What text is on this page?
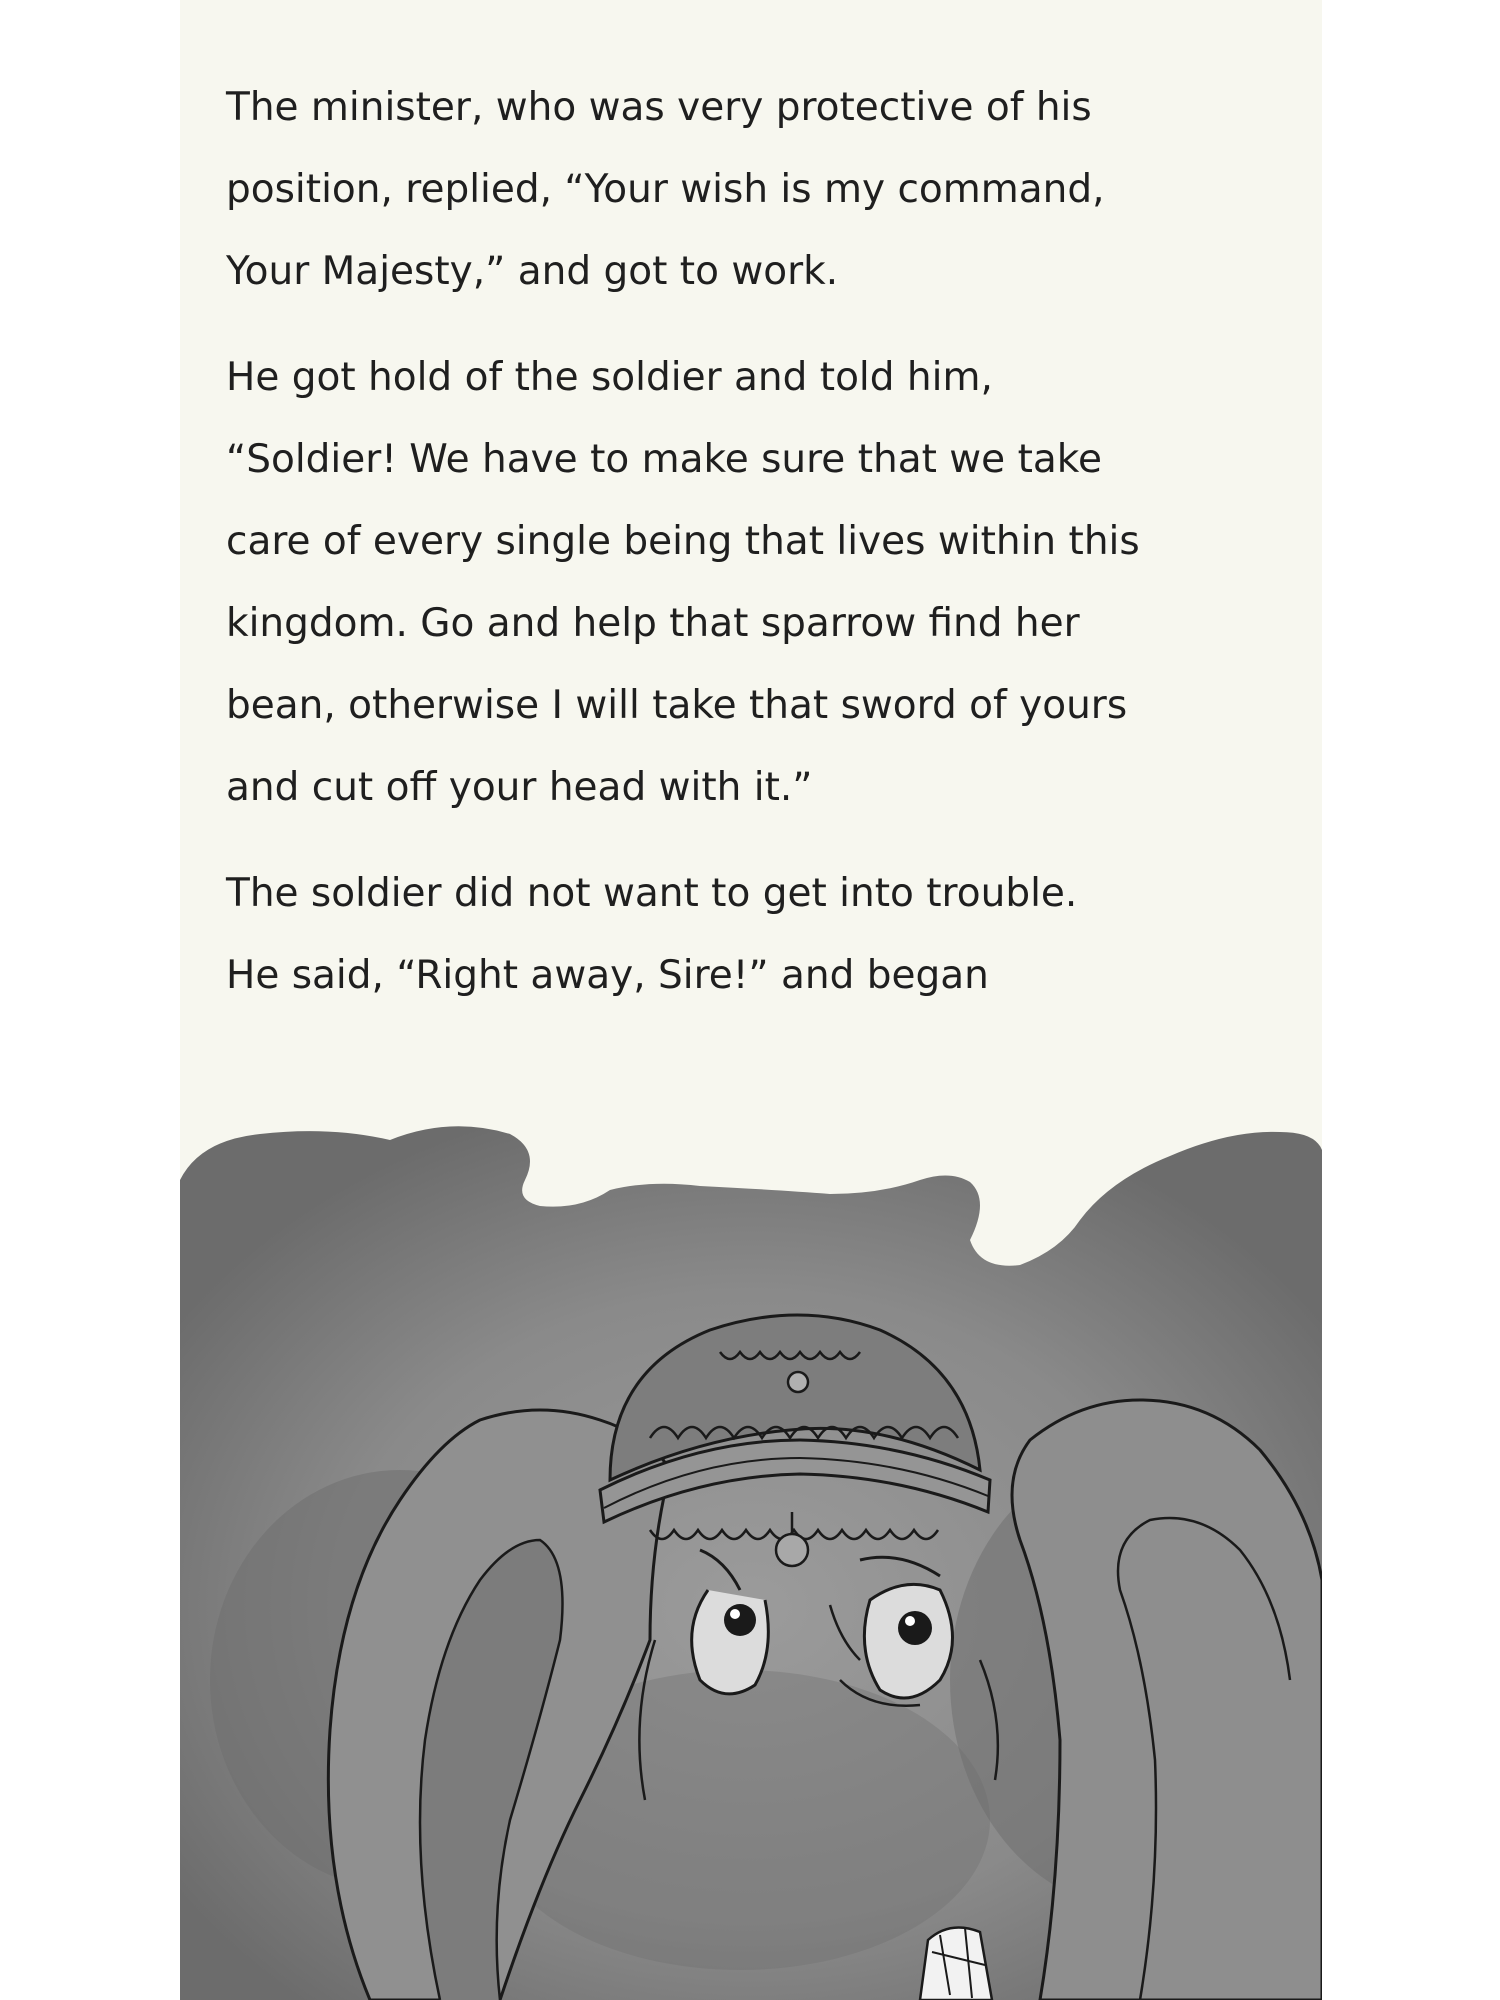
The minister, who was very protective of his
position, replied, “Your wish is my command,
Your Majesty,” and got to work.
He got hold of the soldier and told him,
“Soldier! We have to make sure that we take
care of every single being that lives within this
kingdom. Go and help that sparrow find her
bean, otherwise I will take that sword of yours
and cut off your head with it.”
The soldier did not want to get into trouble.
He said, “Right away, Sire!” and began
